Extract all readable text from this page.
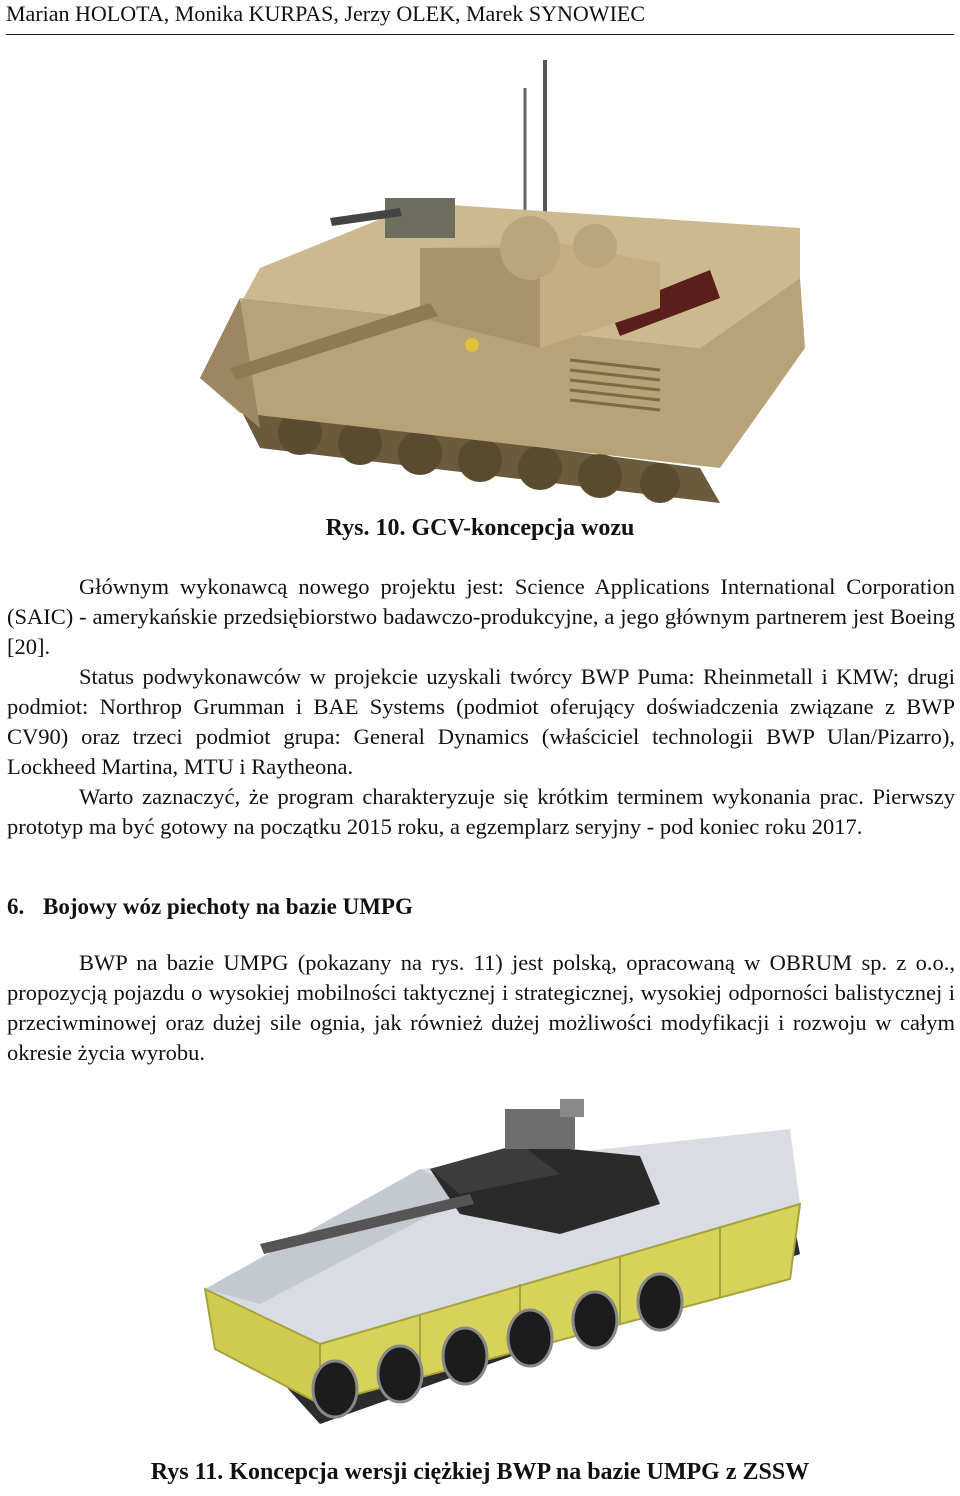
Marian HOLOTA, Monika KURPAS, Jerzy OLEK, Marek SYNOWIEC
Rys. 10. GCV-koncepcja wozu

Głównym wykonawcą nowego projektu jest: Science Applications International Corporation (SAIC) - amerykańskie przedsiębiorstwo badawczo-produkcyjne, a jego głównym partnerem jest Boeing [20].

Status podwykonawców w projekcie uzyskali twórcy BWP Puma: Rheinmetall i KMW; drugi podmiot: Northrop Grumman i BAE Systems (podmiot oferujący doświadczenia związane z BWP CV90) oraz trzeci podmiot grupa: General Dynamics (właściciel technologii BWP Ulan/Pizarro), Lockheed Martina, MTU i Raytheona.

Warto zaznaczyć, że program charakteryzuje się krótkim terminem wykonania prac. Pierwszy prototyp ma być gotowy na początku 2015 roku, a egzemplarz seryjny - pod koniec roku 2017.

6. Bojowy wóz piechoty na bazie UMPG

BWP na bazie UMPG (pokazany na rys. 11) jest polską, opracowaną w OBRUM sp. z o.o., propozycją pojazdu o wysokiej mobilności taktycznej i strategicznej, wysokiej odporności balistycznej i przeciwminowej oraz dużej sile ognia, jak również dużej możliwości modyfikacji i rozwoju w całym okresie życia wyrobu.

Rys 11. Koncepcja wersji ciężkiej BWP na bazie UMPG z ZSSW
